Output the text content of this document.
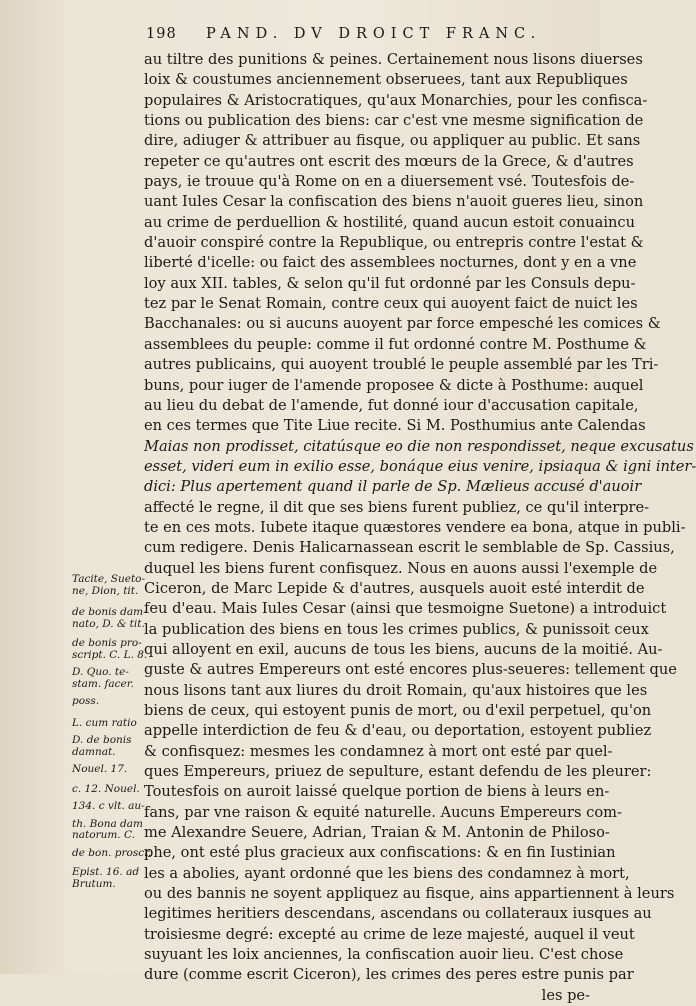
198 PAND. DV DROICT FRANC.
au tiltre des punitions & peines. Certainement nous lisons diuerses
loix & coustumes anciennement obseruees, tant aux Republiques
populaires & Aristocratiques, qu'aux Monarchies, pour les confisca-
tions ou publication des biens: car c'est vne mesme signification de
dire, adiuger & attribuer au fisque, ou appliquer au public. Et sans
repeter ce qu'autres ont escrit des mœurs de la Grece, & d'autres
pays, ie trouue qu'à Rome on en a diuersement vsé. Toutesfois de-
uant Iules Cesar la confiscation des biens n'auoit gueres lieu, sinon
au crime de perduellion & hostilité, quand aucun estoit conuaincu
d'auoir conspiré contre la Republique, ou entrepris contre l'estat &
liberté d'icelle: ou faict des assemblees nocturnes, dont y en a vne
loy aux XII. tables, & selon qu'il fut ordonné par les Consuls depu-
tez par le Senat Romain, contre ceux qui auoyent faict de nuict les
Bacchanales: ou si aucuns auoyent par force empesché les comices &
assemblees du peuple: comme il fut ordonné contre M. Posthume &
autres publicains, qui auoyent troublé le peuple assemblé par les Tri-
buns, pour iuger de l'amende proposee & dicte à Posthume: auquel
au lieu du debat de l'amende, fut donné iour d'accusation capitale,
en ces termes que Tite Liue recite. Si M. Posthumius ante Calendas
Maias non prodisset, citatúsque eo die non respondisset, neque excusatus
esset, videri eum in exilio esse, bonáque eius venire, ipsiaqua & igni inter-
dici: Plus apertement quand il parle de Sp. Mælieus accusé d'auoir
affecté le regne, il dit que ses biens furent publiez, ce qu'il interpre-
te en ces mots. Iubete itaque quæstores vendere ea bona, atque in publi-
cum redigere. Denis Halicarnassean escrit le semblable de Sp. Cassius,
duquel les biens furent confisquez. Nous en auons aussi l'exemple de
Ciceron, de Marc Lepide & d'autres, ausquels auoit esté interdit de
feu d'eau. Mais Iules Cesar (ainsi que tesmoigne Suetone) a introduict
la publication des biens en tous les crimes publics, & punissoit ceux
qui alloyent en exil, aucuns de tous les biens, aucuns de la moitié. Au-
guste & autres Empereurs ont esté encores plus-seueres: tellement que
nous lisons tant aux liures du droit Romain, qu'aux histoires que les
biens de ceux, qui estoyent punis de mort, ou d'exil perpetuel, qu'on
appelle interdiction de feu & d'eau, ou deportation, estoyent publiez
& confisquez: mesmes les condamnez à mort ont esté par quel-
ques Empereurs, priuez de sepulture, estant defendu de les pleurer:
Toutesfois on auroit laissé quelque portion de biens à leurs en-
fans, par vne raison & equité naturelle. Aucuns Empereurs com-
me Alexandre Seuere, Adrian, Traian & M. Antonin de Philoso-
phe, ont esté plus gracieux aux confiscations: & en fin Iustinian
les a abolies, ayant ordonné que les biens des condamnez à mort,
ou des bannis ne soyent appliquez au fisque, ains appartiennent à leurs
legitimes heritiers descendans, ascendans ou collateraux iusques au
troisiesme degré: excepté au crime de leze majesté, auquel il veut
suyuant les loix anciennes, la confiscation auoir lieu. C'est chose
dure (comme escrit Ciceron), les crimes des peres estre punis par
les pe-
Tacite, Sueto-
ne, Dion, tit.
de bonis dam-
nato, D. & tit.
de bonis pro-
script. C. L. 8.
D. Quo. te-
stam. facer.
poss.
L. cum ratio
D. de bonis
damnat.
Nouel. 17.
c. 12. Nouel.
134. c vlt. au-
th. Bona dam
natorum. C.
de bon. proscr.
Epist. 16. ad
Brutum.
